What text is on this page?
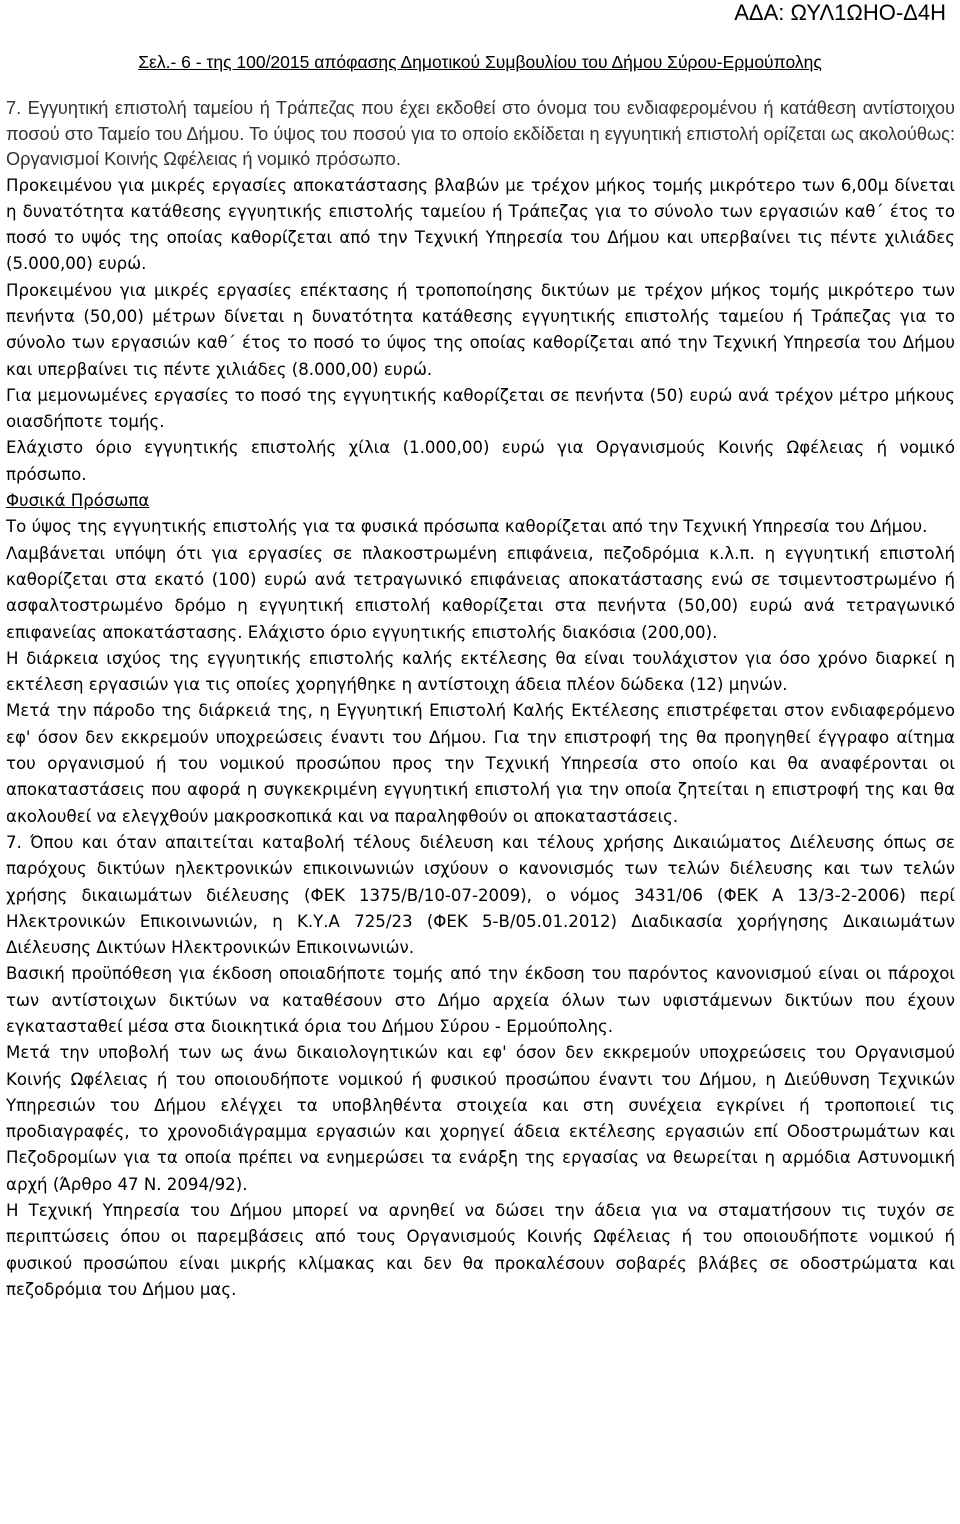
ΑΔΑ: ΩΥΛ1ΩΗΟ-Δ4Η
Σελ.- 6 - της 100/2015 απόφασης Δημοτικού Συμβουλίου του Δήμου Σύρου-Ερμούπολης

7. Εγγυητική επιστολή ταμείου ή Τράπεζας που έχει εκδοθεί στο όνομα του ενδιαφερομένου ή κατάθεση αντίστοιχου ποσού στο Ταμείο του Δήμου. Το ύψος του ποσού για το οποίο εκδίδεται η εγγυητική επιστολή ορίζεται ως ακολούθως: Οργανισμοί Κοινής Ωφέλειας ή νομικό πρόσωπο.

Προκειμένου για μικρές εργασίες αποκατάστασης βλαβών με τρέχον μήκος τομής μικρότερο των 6,00μ δίνεται η δυνατότητα κατάθεσης εγγυητικής επιστολής ταμείου ή Τράπεζας για το σύνολο των εργασιών καθ΄ έτος το ποσό το υψός της οποίας καθορίζεται από την Τεχνική Υπηρεσία του Δήμου και υπερβαίνει τις πέντε χιλιάδες (5.000,00) ευρώ.

Προκειμένου για μικρές εργασίες επέκτασης ή τροποποίησης δικτύων με τρέχον μήκος τομής μικρότερο των πενήντα (50,00) μέτρων δίνεται η δυνατότητα κατάθεσης εγγυητικής επιστολής ταμείου ή Τράπεζας για το σύνολο των εργασιών καθ΄ έτος το ποσό το ύψος της οποίας καθορίζεται από την Τεχνική Υπηρεσία του Δήμου και υπερβαίνει τις πέντε χιλιάδες (8.000,00) ευρώ.

Για μεμονωμένες εργασίες το ποσό της εγγυητικής καθορίζεται σε πενήντα (50) ευρώ ανά τρέχον μέτρο μήκους οιασδήποτε τομής.

Ελάχιστο όριο εγγυητικής επιστολής χίλια (1.000,00) ευρώ για Οργανισμούς Κοινής Ωφέλειας ή νομικό πρόσωπο.

Φυσικά Πρόσωπα

Το ύψος της εγγυητικής επιστολής για τα φυσικά πρόσωπα καθορίζεται από την Τεχνική Υπηρεσία του Δήμου.

Λαμβάνεται υπόψη ότι για εργασίες σε πλακοστρωμένη επιφάνεια, πεζοδρόμια κ.λ.π. η εγγυητική επιστολή καθορίζεται στα εκατό (100) ευρώ ανά τετραγωνικό επιφάνειας αποκατάστασης ενώ σε τσιμεντοστρωμένο ή ασφαλτοστρωμένο δρόμο η εγγυητική επιστολή καθορίζεται στα πενήντα (50,00) ευρώ ανά τετραγωνικό επιφανείας αποκατάστασης. Ελάχιστο όριο εγγυητικής επιστολής διακόσια (200,00).

Η διάρκεια ισχύος της εγγυητικής επιστολής καλής εκτέλεσης θα είναι τουλάχιστον για όσο χρόνο διαρκεί η εκτέλεση εργασιών για τις οποίες χορηγήθηκε η αντίστοιχη άδεια πλέον δώδεκα (12) μηνών.

Μετά την πάροδο της διάρκειά της, η Εγγυητική Επιστολή Καλής Εκτέλεσης επιστρέφεται στον ενδιαφερόμενο εφ' όσον δεν εκκρεμούν υποχρεώσεις έναντι του Δήμου. Για την επιστροφή της θα προηγηθεί έγγραφο αίτημα του οργανισμού ή του νομικού προσώπου προς την Τεχνική Υπηρεσία στο οποίο και θα αναφέρονται οι αποκαταστάσεις που αφορά η συγκεκριμένη εγγυητική επιστολή για την οποία ζητείται η επιστροφή της και θα ακολουθεί να ελεγχθούν μακροσκοπικά και να παραληφθούν οι αποκαταστάσεις.

7. Όπου και όταν απαιτείται καταβολή τέλους διέλευση και τέλους χρήσης Δικαιώματος Διέλευσης όπως σε παρόχους δικτύων ηλεκτρονικών επικοινωνιών ισχύουν ο κανονισμός των τελών διέλευσης και των τελών χρήσης δικαιωμάτων διέλευσης (ΦΕΚ 1375/Β/10-07-2009), ο νόμος 3431/06 (ΦΕΚ Α 13/3-2-2006) περί Ηλεκτρονικών Επικοινωνιών, η Κ.Υ.Α 725/23 (ΦΕΚ 5-Β/05.01.2012) Διαδικασία χορήγησης Δικαιωμάτων Διέλευσης Δικτύων Ηλεκτρονικών Επικοινωνιών.

Βασική προϋπόθεση για έκδοση οποιαδήποτε τομής από την έκδοση του παρόντος κανονισμού είναι οι πάροχοι των αντίστοιχων δικτύων να καταθέσουν στο Δήμο αρχεία όλων των υφιστάμενων δικτύων που έχουν εγκατασταθεί μέσα στα διοικητικά όρια του Δήμου Σύρου - Ερμούπολης.

Μετά την υποβολή των ως άνω δικαιολογητικών και εφ' όσον δεν εκκρεμούν υποχρεώσεις του Οργανισμού Κοινής Ωφέλειας ή του οποιουδήποτε νομικού ή φυσικού προσώπου έναντι του Δήμου, η Διεύθυνση Τεχνικών Υπηρεσιών του Δήμου ελέγχει τα υποβληθέντα στοιχεία και στη συνέχεια εγκρίνει ή τροποποιεί τις προδιαγραφές, το χρονοδιάγραμμα εργασιών και χορηγεί άδεια εκτέλεσης εργασιών επί Οδοστρωμάτων και Πεζοδρομίων για τα οποία πρέπει να ενημερώσει τα ενάρξη της εργασίας να θεωρείται η αρμόδια Αστυνομική αρχή (Άρθρο 47 Ν. 2094/92).

Η Τεχνική Υπηρεσία του Δήμου μπορεί να αρνηθεί να δώσει την άδεια για να σταματήσουν τις τυχόν σε περιπτώσεις όπου οι παρεμβάσεις από τους Οργανισμούς Κοινής Ωφέλειας ή του οποιουδήποτε νομικού ή φυσικού προσώπου είναι μικρής κλίμακας και δεν θα προκαλέσουν σοβαρές βλάβες σε οδοστρώματα και πεζοδρόμια του Δήμου μας.
